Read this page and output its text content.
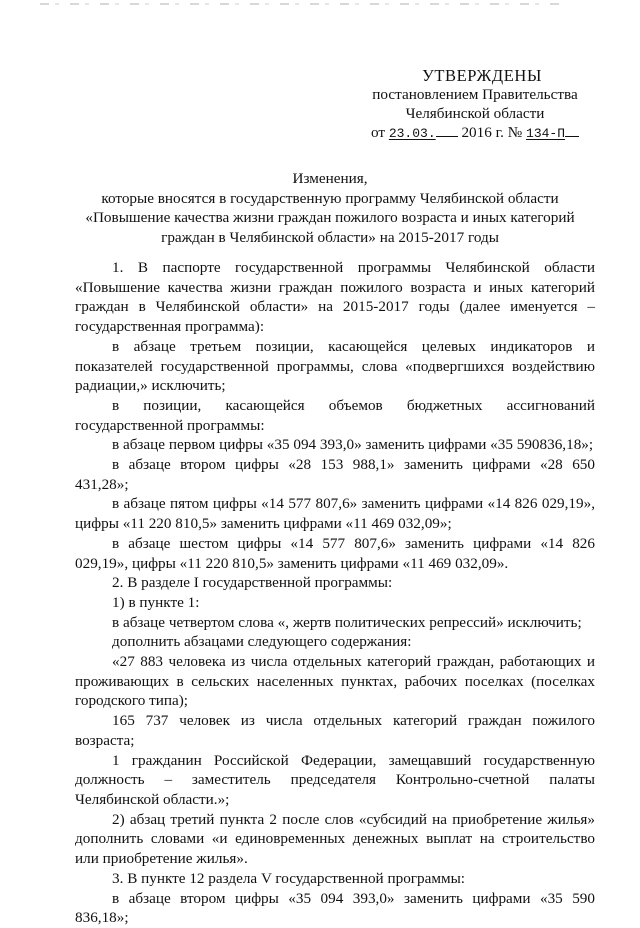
УТВЕРЖДЕНЫ
постановлением Правительства
Челябинской области
от 23.03. 2016 г. № 134-П
Изменения,
которые вносятся в государственную программу Челябинской области
«Повышение качества жизни граждан пожилого возраста и иных категорий
граждан в Челябинской области» на 2015-2017 годы

1. В паспорте государственной программы Челябинской области «Повышение качества жизни граждан пожилого возраста и иных категорий граждан в Челябинской области» на 2015-2017 годы (далее именуется – государственная программа):

в абзаце третьем позиции, касающейся целевых индикаторов и показателей государственной программы, слова «подвергшихся воздействию радиации,» исключить;

в позиции, касающейся объемов бюджетных ассигнований государственной программы:

в абзаце первом цифры «35 094 393,0» заменить цифрами «35 590836,18»;

в абзаце втором цифры «28 153 988,1» заменить цифрами «28 650 431,28»;

в абзаце пятом цифры «14 577 807,6» заменить цифрами «14 826 029,19», цифры «11 220 810,5» заменить цифрами «11 469 032,09»;

в абзаце шестом цифры «14 577 807,6» заменить цифрами «14 826 029,19», цифры «11 220 810,5» заменить цифрами «11 469 032,09».

2. В разделе I государственной программы:

1) в пункте 1:

в абзаце четвертом слова «, жертв политических репрессий» исключить;

дополнить абзацами следующего содержания:

«27 883 человека из числа отдельных категорий граждан, работающих и проживающих в сельских населенных пунктах, рабочих поселках (поселках городского типа);

165 737 человек из числа отдельных категорий граждан пожилого возраста;

1 гражданин Российской Федерации, замещавший государственную должность – заместитель председателя Контрольно-счетной палаты Челябинской области.»;

2) абзац третий пункта 2 после слов «субсидий на приобретение жилья» дополнить словами «и единовременных денежных выплат на строительство или приобретение жилья».

3. В пункте 12 раздела V государственной программы:

в абзаце втором цифры «35 094 393,0» заменить цифрами «35 590 836,18»;
